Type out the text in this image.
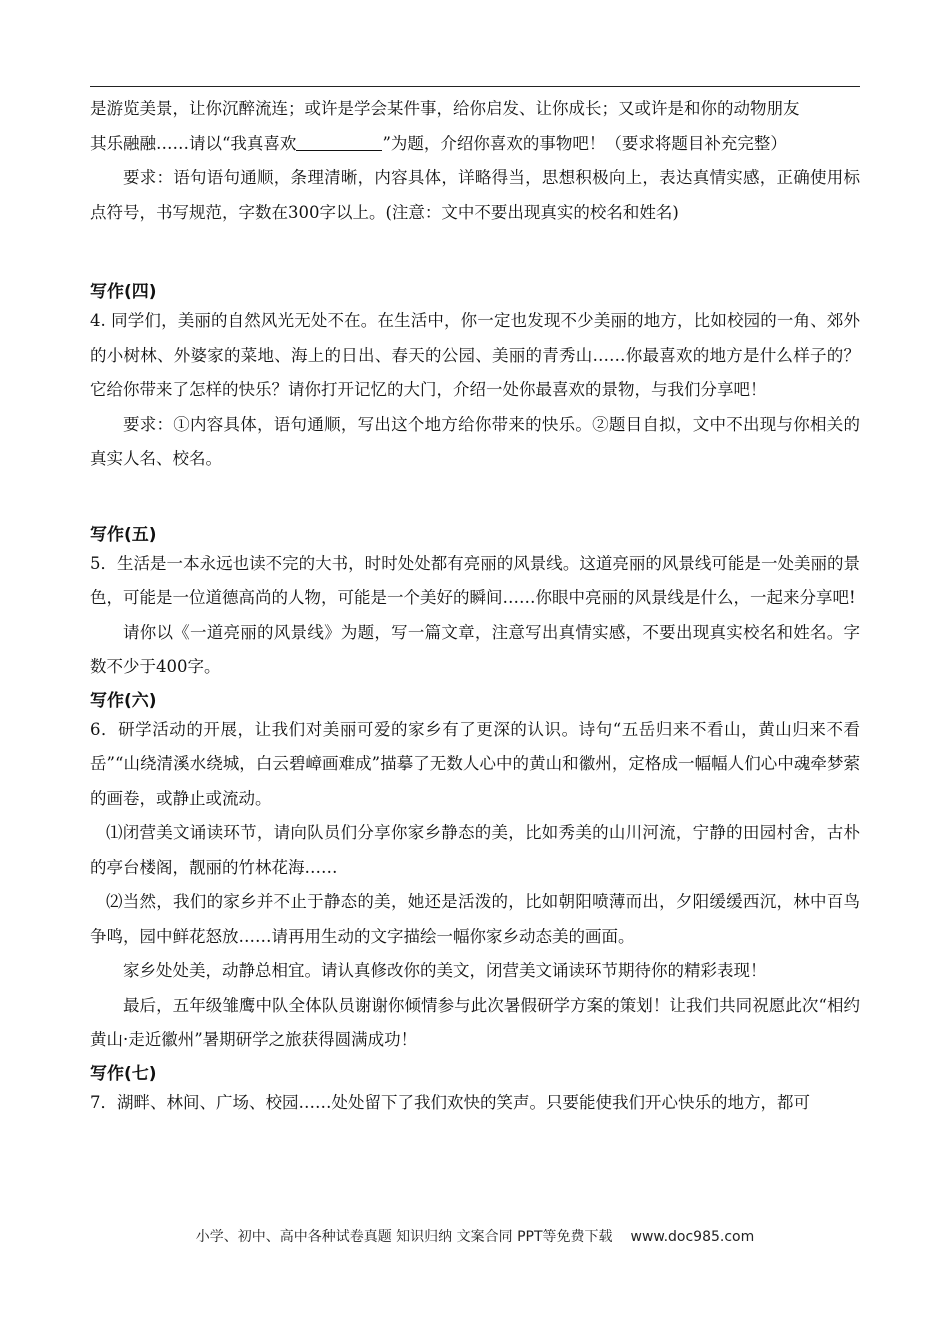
是游览美景，让你沉醉流连；或许是学会某件事，给你启发、让你成长；又或许是和你的动物朋友

其乐融融……请以“我真喜欢	”为题，介绍你喜欢的事物吧！（要求将题目补充完整）

要求：语句语句通顺，条理清晰，内容具体，详略得当，思想积极向上，表达真情实感，正确使用标点符号，书写规范，字数在300字以上。(注意：文中不要出现真实的校名和姓名)

写作(四)

4. 同学们，美丽的自然风光无处不在。在生活中，你一定也发现不少美丽的地方，比如校园的一角、郊外的小树林、外婆家的菜地、海上的日出、春天的公园、美丽的青秀山……你最喜欢的地方是什么样子的？它给你带来了怎样的快乐？请你打开记忆的大门，介绍一处你最喜欢的景物，与我们分享吧！

要求：①内容具体，语句通顺，写出这个地方给你带来的快乐。②题目自拟，文中不出现与你相关的真实人名、校名。

写作(五)

5．生活是一本永远也读不完的大书，时时处处都有亮丽的风景线。这道亮丽的风景线可能是一处美丽的景色，可能是一位道德高尚的人物，可能是一个美好的瞬间……你眼中亮丽的风景线是什么，一起来分享吧!

请你以《一道亮丽的风景线》为题，写一篇文章，注意写出真情实感，不要出现真实校名和姓名。字数不少于400字。

写作(六)

6．研学活动的开展，让我们对美丽可爱的家乡有了更深的认识。诗句“五岳归来不看山，黄山归来不看岳”“山绕清溪水绕城，白云碧嶂画难成”描摹了无数人心中的黄山和徽州，定格成一幅幅人们心中魂牵梦萦的画卷，或静止或流动。

⑴闭营美文诵读环节，请向队员们分享你家乡静态的美，比如秀美的山川河流，宁静的田园村舍，古朴的亭台楼阁，靓丽的竹林花海……

⑵当然，我们的家乡并不止于静态的美，她还是活泼的，比如朝阳喷薄而出，夕阳缓缓西沉，林中百鸟争鸣，园中鲜花怒放……请再用生动的文字描绘一幅你家乡动态美的画面。

家乡处处美，动静总相宜。请认真修改你的美文，闭营美文诵读环节期待你的精彩表现！

最后，五年级雏鹰中队全体队员谢谢你倾情参与此次暑假研学方案的策划！让我们共同祝愿此次“相约黄山·走近徽州”暑期研学之旅获得圆满成功！

写作(七)

7．湖畔、林间、广场、校园……处处留下了我们欢快的笑声。只要能使我们开心快乐的地方，都可

小学、初中、高中各种试卷真题 知识归纳 文案合同 PPT等免费下载 www.doc985.com
